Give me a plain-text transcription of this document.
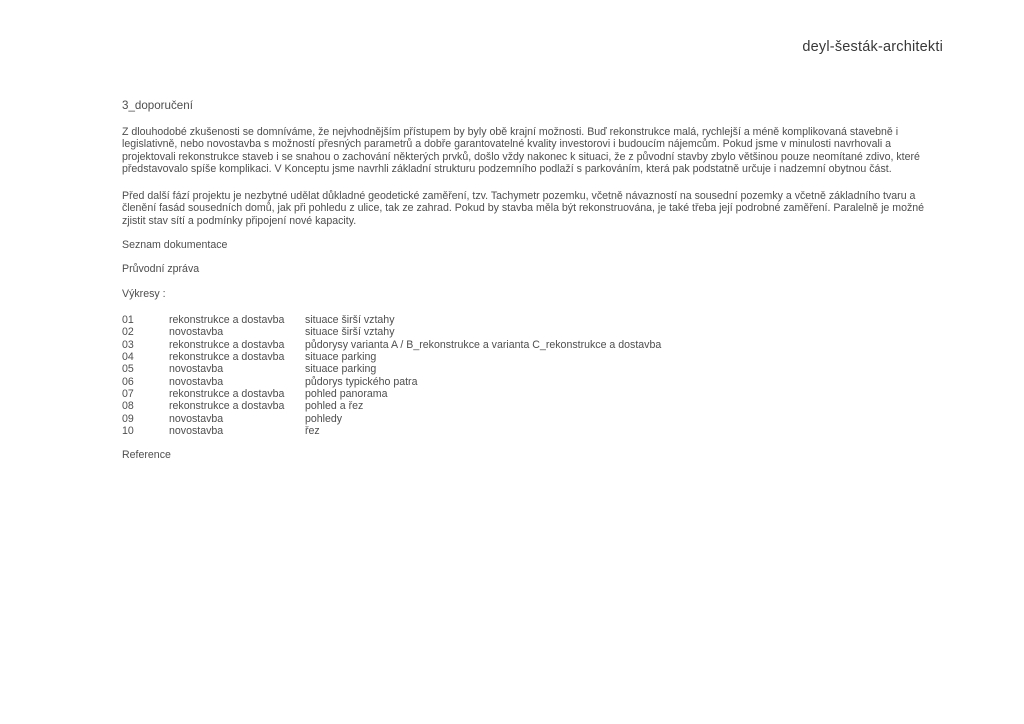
deyl-šesták-architekti
3_doporučení
Z dlouhodobé zkušenosti se domníváme, že nejvhodnějším přístupem by byly obě krajní možnosti. Buď rekonstrukce malá, rychlejší a méně komplikovaná stavebně i
legislativně, nebo novostavba s možností přesných parametrů a dobře garantovatelné kvality investorovi i budoucím nájemcům. Pokud jsme v minulosti navrhovali a
projektovali rekonstrukce staveb i se snahou o zachování některých prvků, došlo vždy nakonec k situaci, že z původní stavby zbylo většinou pouze neomítané zdivo, které
představovalo spíše komplikaci. V Konceptu jsme navrhli základní strukturu podzemního podlaží s parkováním, která pak podstatně určuje i nadzemní obytnou část.
Před další fází projektu je nezbytné udělat důkladné geodetické zaměření, tzv. Tachymetr pozemku, včetně návazností na sousední pozemky a včetně základního tvaru a
členění fasád sousedních domů, jak při pohledu z ulice, tak ze zahrad. Pokud by stavba měla být rekonstruována, je také třeba její podrobné zaměření. Paralelně je možné
zjistit stav sítí a podmínky připojení nové kapacity.
Seznam dokumentace
Průvodní zpráva
Výkresy :
01	rekonstrukce a dostavba	situace širší vztahy
02	novostavba	situace širší vztahy
03	rekonstrukce a dostavba	půdorysy varianta A / B_rekonstrukce a varianta C_rekonstrukce a dostavba
04	rekonstrukce a dostavba	situace parking
05	novostavba	situace parking
06	novostavba	půdorys typického patra
07	rekonstrukce a dostavba	pohled panorama
08	rekonstrukce a dostavba	pohled a řez
09	novostavba	pohledy
10	novostavba	řez
Reference
